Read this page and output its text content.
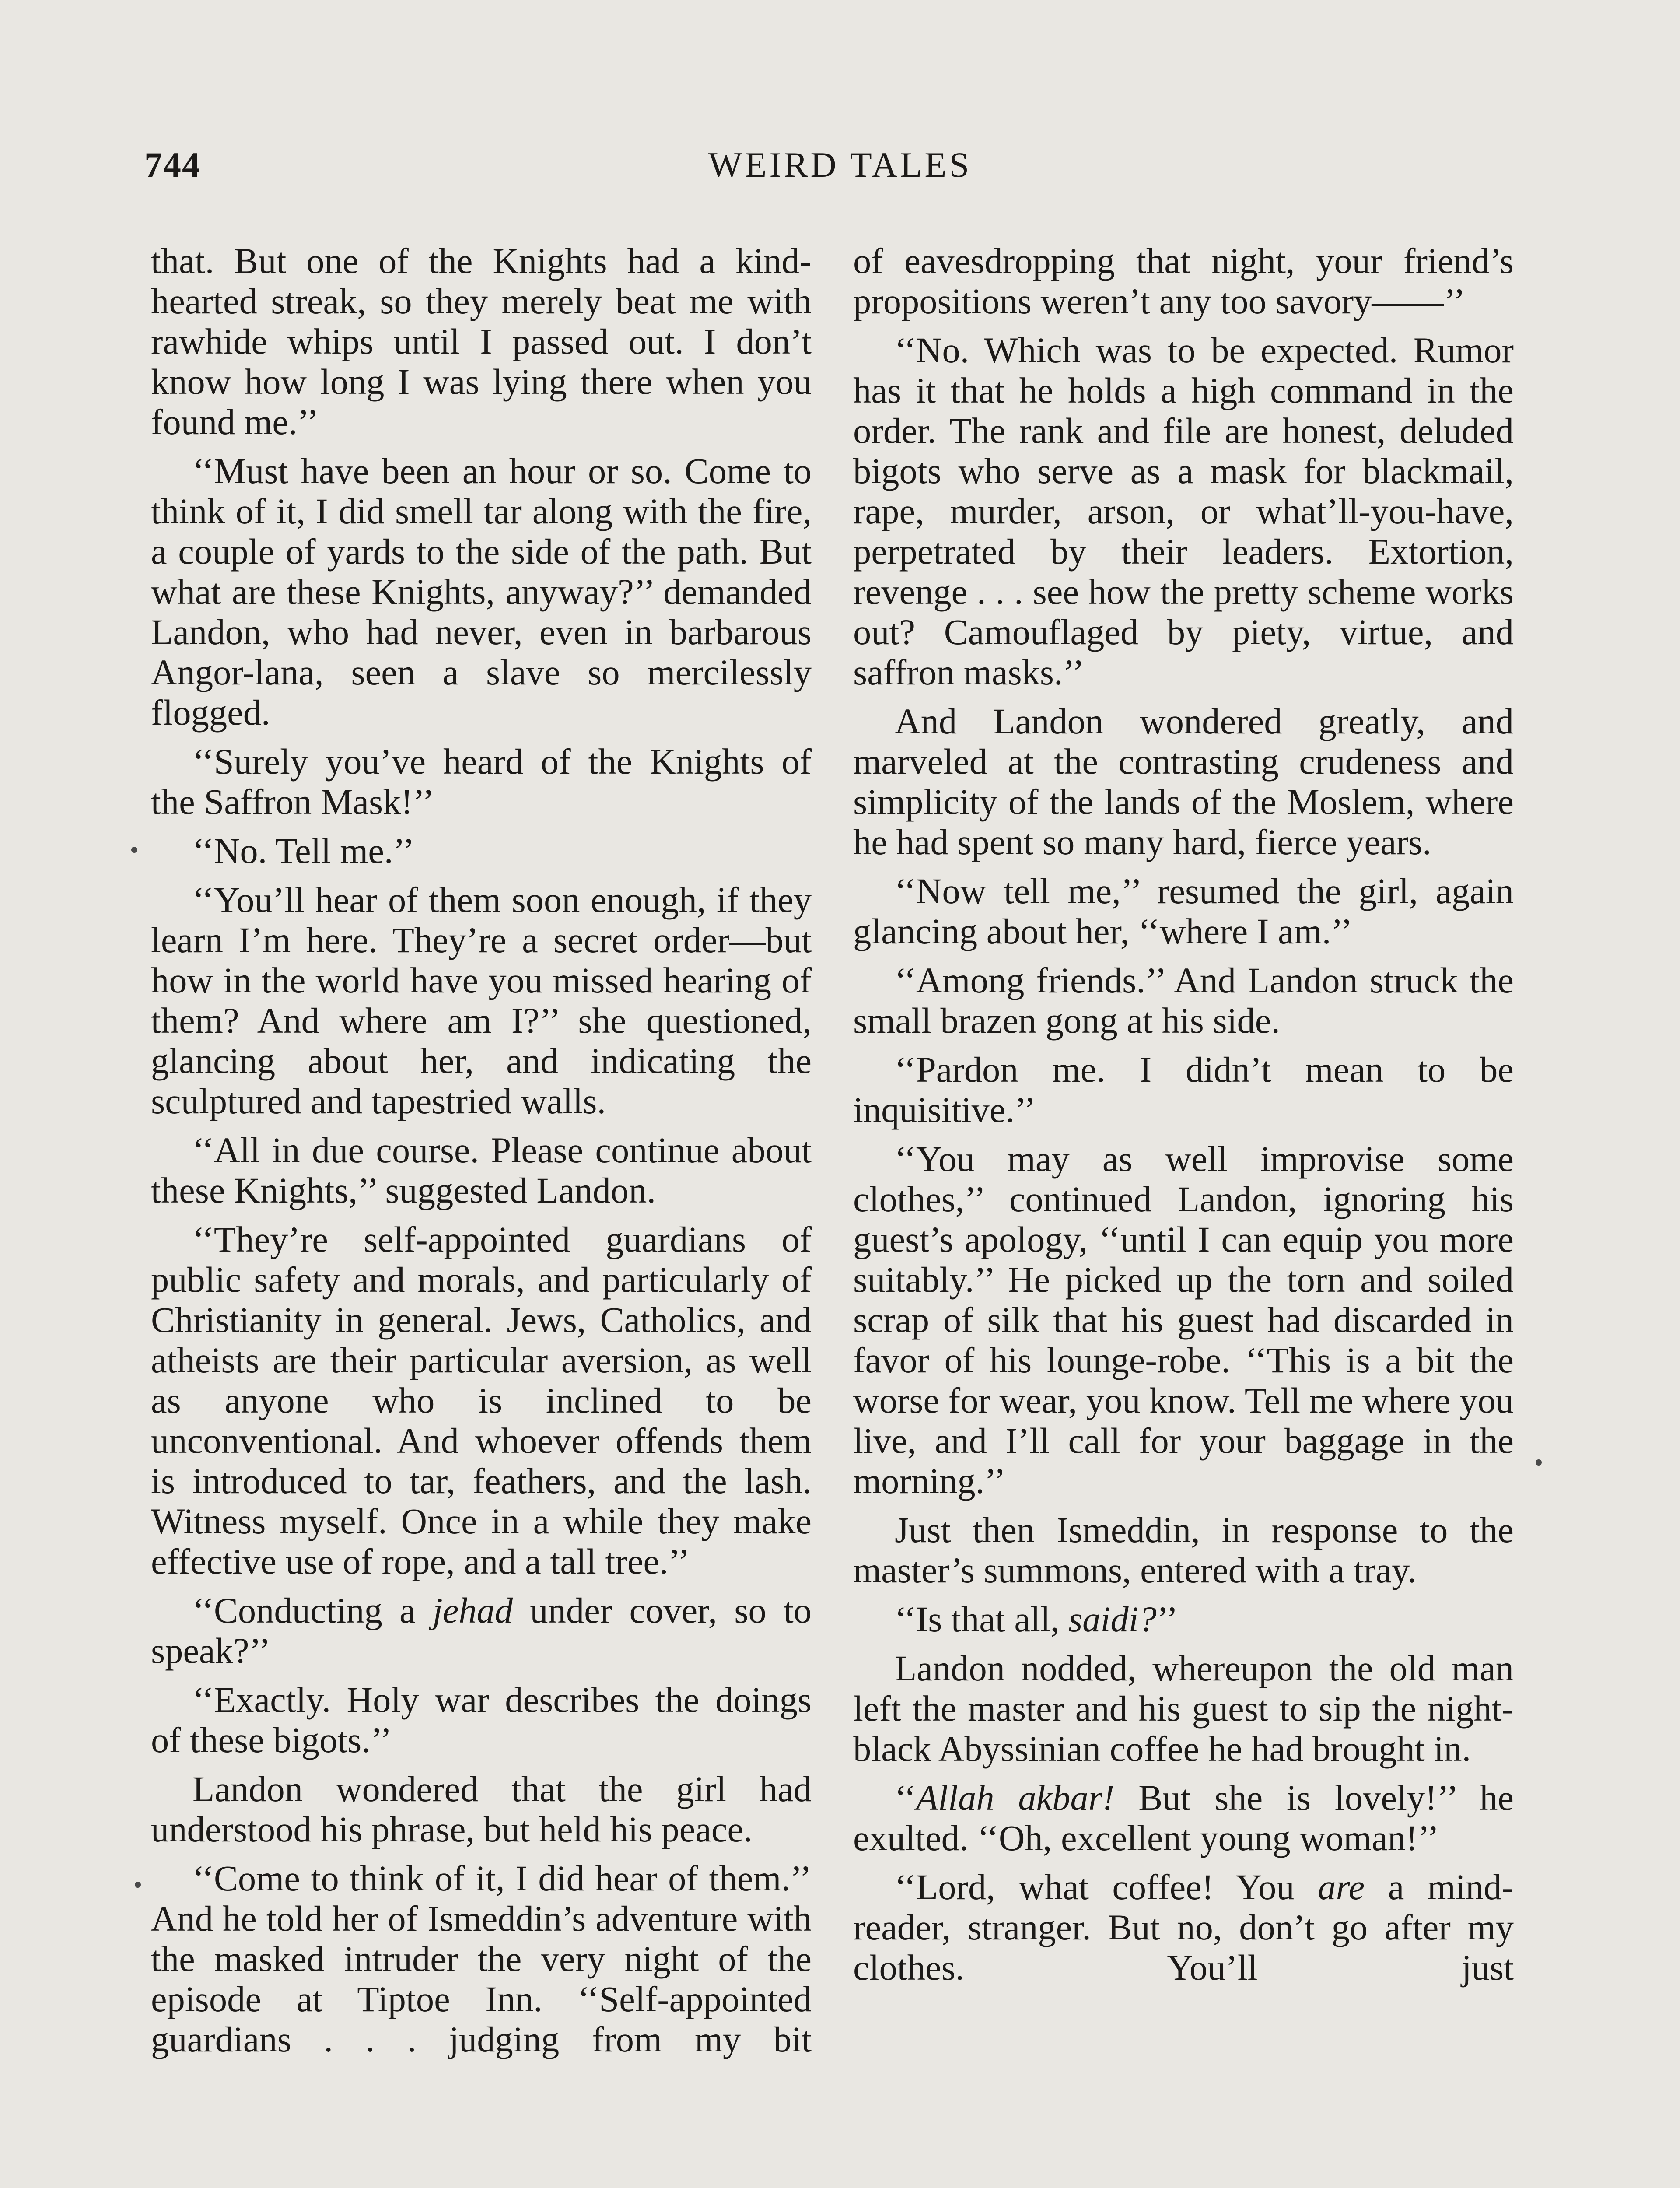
744	WEIRD TALES

that. But one of the Knights had a kind-hearted streak, so they merely beat me with rawhide whips until I passed out. I don’t know how long I was lying there when you found me.’’

‘‘Must have been an hour or so. Come to think of it, I did smell tar along with the fire, a couple of yards to the side of the path. But what are these Knights, anyway?’’ demanded Landon, who had never, even in barbarous Angor-lana, seen a slave so mercilessly flogged.

‘‘Surely you’ve heard of the Knights of the Saffron Mask!’’

‘‘No. Tell me.’’

‘‘You’ll hear of them soon enough, if they learn I’m here. They’re a secret order—but how in the world have you missed hearing of them? And where am I?’’ she questioned, glancing about her, and indicating the sculptured and tapestried walls.

‘‘All in due course. Please continue about these Knights,’’ suggested Landon.

‘‘They’re self-appointed guardians of public safety and morals, and particularly of Christianity in general. Jews, Catholics, and atheists are their particular aversion, as well as anyone who is inclined to be unconventional. And whoever offends them is introduced to tar, feathers, and the lash. Witness myself. Once in a while they make effective use of rope, and a tall tree.’’

‘‘Conducting a jehad under cover, so to speak?’’

‘‘Exactly. Holy war describes the doings of these bigots.’’

Landon wondered that the girl had understood his phrase, but held his peace.

‘‘Come to think of it, I did hear of them.’’ And he told her of Ismeddin’s adventure with the masked intruder the very night of the episode at Tiptoe Inn. ‘‘Self-appointed guardians . . . judging from my bit

of eavesdropping that night, your friend’s propositions weren’t any too savory——’’

‘‘No. Which was to be expected. Rumor has it that he holds a high command in the order. The rank and file are honest, deluded bigots who serve as a mask for blackmail, rape, murder, arson, or what’ll-you-have, perpetrated by their leaders. Extortion, revenge . . . see how the pretty scheme works out? Camouflaged by piety, virtue, and saffron masks.’’

And Landon wondered greatly, and marveled at the contrasting crudeness and simplicity of the lands of the Moslem, where he had spent so many hard, fierce years.

‘‘Now tell me,’’ resumed the girl, again glancing about her, ‘‘where I am.’’

‘‘Among friends.’’ And Landon struck the small brazen gong at his side.

‘‘Pardon me. I didn’t mean to be inquisitive.’’

‘‘You may as well improvise some clothes,’’ continued Landon, ignoring his guest’s apology, ‘‘until I can equip you more suitably.’’ He picked up the torn and soiled scrap of silk that his guest had discarded in favor of his lounge-robe. ‘‘This is a bit the worse for wear, you know. Tell me where you live, and I’ll call for your baggage in the morning.’’

Just then Ismeddin, in response to the master’s summons, entered with a tray.

‘‘Is that all, saidi?’’

Landon nodded, whereupon the old man left the master and his guest to sip the night-black Abyssinian coffee he had brought in.

‘‘Allah akbar! But she is lovely!’’ he exulted. ‘‘Oh, excellent young woman!’’

‘‘Lord, what coffee! You are a mind-reader, stranger. But no, don’t go after my clothes. You’ll just
